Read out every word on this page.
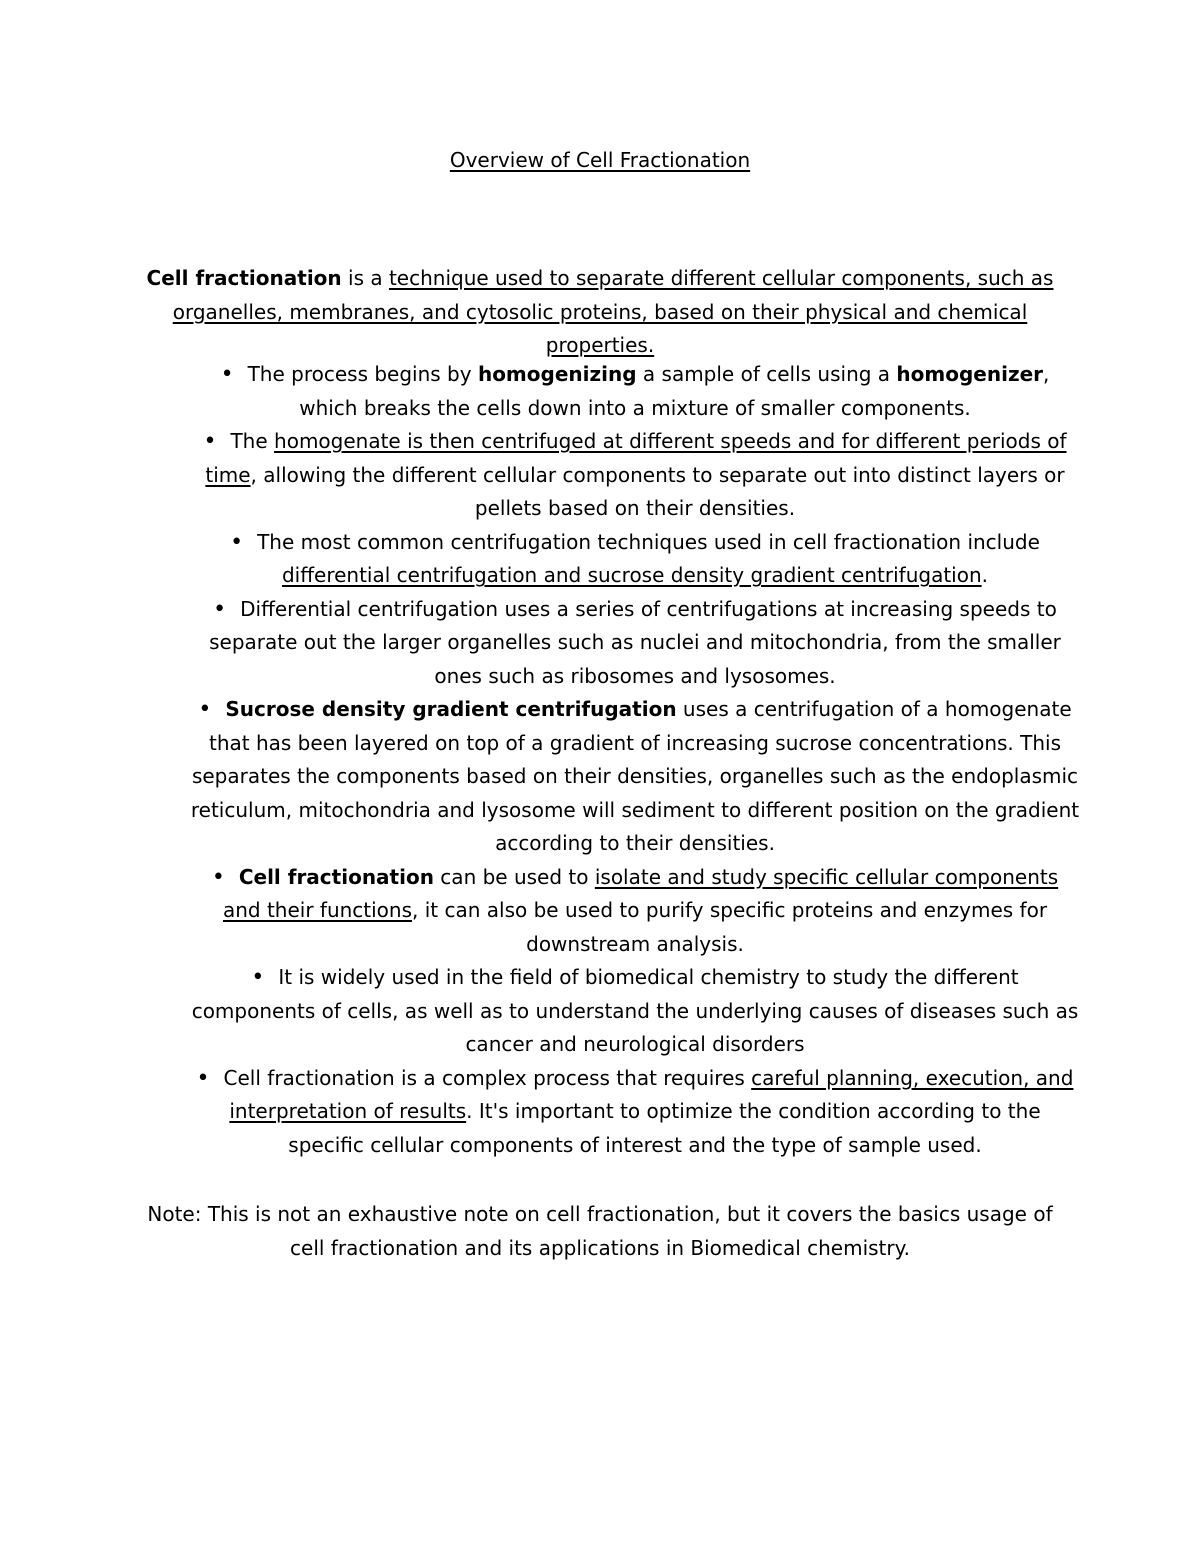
Overview of Cell Fractionation

Cell fractionation is a technique used to separate different cellular components, such as organelles, membranes, and cytosolic proteins, based on their physical and chemical properties.

• The process begins by homogenizing a sample of cells using a homogenizer, which breaks the cells down into a mixture of smaller components.
• The homogenate is then centrifuged at different speeds and for different periods of time, allowing the different cellular components to separate out into distinct layers or pellets based on their densities.
• The most common centrifugation techniques used in cell fractionation include differential centrifugation and sucrose density gradient centrifugation.
• Differential centrifugation uses a series of centrifugations at increasing speeds to separate out the larger organelles such as nuclei and mitochondria, from the smaller ones such as ribosomes and lysosomes.
• Sucrose density gradient centrifugation uses a centrifugation of a homogenate that has been layered on top of a gradient of increasing sucrose concentrations. This separates the components based on their densities, organelles such as the endoplasmic reticulum, mitochondria and lysosome will sediment to different position on the gradient according to their densities.
• Cell fractionation can be used to isolate and study specific cellular components and their functions, it can also be used to purify specific proteins and enzymes for downstream analysis.
• It is widely used in the field of biomedical chemistry to study the different components of cells, as well as to understand the underlying causes of diseases such as cancer and neurological disorders
• Cell fractionation is a complex process that requires careful planning, execution, and interpretation of results. It's important to optimize the condition according to the specific cellular components of interest and the type of sample used.

Note: This is not an exhaustive note on cell fractionation, but it covers the basics usage of cell fractionation and its applications in Biomedical chemistry.
